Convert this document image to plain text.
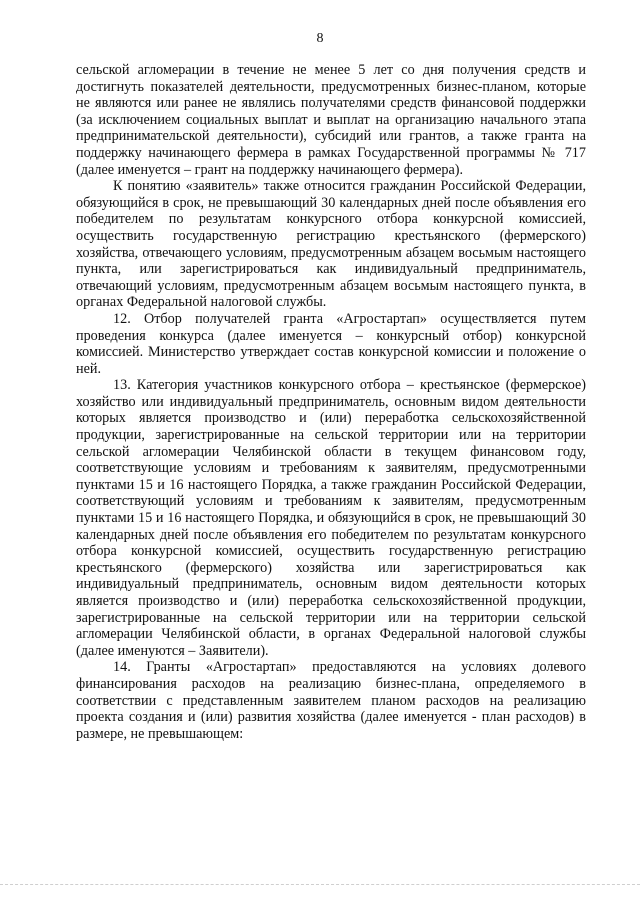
8

сельской агломерации в течение не менее 5 лет со дня получения средств и достигнуть показателей деятельности, предусмотренных бизнес-планом, которые не являются или ранее не являлись получателями средств финансовой поддержки (за исключением социальных выплат и выплат на организацию начального этапа предпринимательской деятельности), субсидий или грантов, а также гранта на поддержку начинающего фермера в рамках Государственной программы № 717 (далее именуется – грант на поддержку начинающего фермера).

К понятию «заявитель» также относится гражданин Российской Федерации, обязующийся в срок, не превышающий 30 календарных дней после объявления его победителем по результатам конкурсного отбора конкурсной комиссией, осуществить государственную регистрацию крестьянского (фермерского) хозяйства, отвечающего условиям, предусмотренным абзацем восьмым настоящего пункта, или зарегистрироваться как индивидуальный предприниматель, отвечающий условиям, предусмотренным абзацем восьмым настоящего пункта, в органах Федеральной налоговой службы.

12. Отбор получателей гранта «Агростартап» осуществляется путем проведения конкурса (далее именуется – конкурсный отбор) конкурсной комиссией. Министерство утверждает состав конкурсной комиссии и положение о ней.

13. Категория участников конкурсного отбора – крестьянское (фермерское) хозяйство или индивидуальный предприниматель, основным видом деятельности которых является производство и (или) переработка сельскохозяйственной продукции, зарегистрированные на сельской территории или на территории сельской агломерации Челябинской области в текущем финансовом году, соответствующие условиям и требованиям к заявителям, предусмотренными пунктами 15 и 16 настоящего Порядка, а также гражданин Российской Федерации, соответствующий условиям и требованиям к заявителям, предусмотренным пунктами 15 и 16 настоящего Порядка, и обязующийся в срок, не превышающий 30 календарных дней после объявления его победителем по результатам конкурсного отбора конкурсной комиссией, осуществить государственную регистрацию крестьянского (фермерского) хозяйства или зарегистрироваться как индивидуальный предприниматель, основным видом деятельности которых является производство и (или) переработка сельскохозяйственной продукции, зарегистрированные на сельской территории или на территории сельской агломерации Челябинской области, в органах Федеральной налоговой службы (далее именуются – Заявители).

14. Гранты «Агростартап» предоставляются на условиях долевого финансирования расходов на реализацию бизнес-плана, определяемого в соответствии с представленным заявителем планом расходов на реализацию проекта создания и (или) развития хозяйства (далее именуется - план расходов) в размере, не превышающем:
